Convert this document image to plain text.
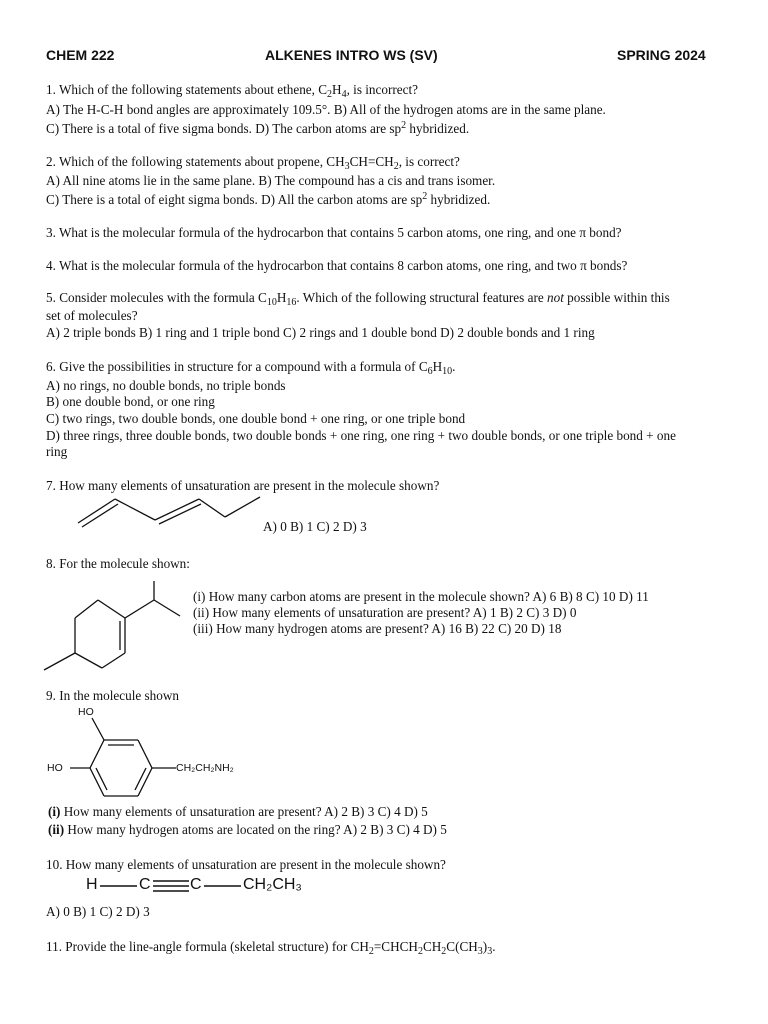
CHEM 222	ALKENES INTRO WS (SV)	SPRING 2024
1. Which of the following statements about ethene, $C_2H_4$, is incorrect?
A) The H-C-H bond angles are approximately 109.5°. B) All of the hydrogen atoms are in the same plane.
C) There is a total of five sigma bonds. D) The carbon atoms are $sp^2$ hybridized.
2. Which of the following statements about propene, $CH_3CH=CH_2$, is correct?
A) All nine atoms lie in the same plane. B) The compound has a cis and trans isomer.
C) There is a total of eight sigma bonds. D) All the carbon atoms are $sp^2$ hybridized.
3. What is the molecular formula of the hydrocarbon that contains 5 carbon atoms, one ring, and one π bond?
4. What is the molecular formula of the hydrocarbon that contains 8 carbon atoms, one ring, and two π bonds?
5. Consider molecules with the formula $C_{10}H_{16}$. Which of the following structural features are not possible within this
set of molecules?
A) 2 triple bonds B) 1 ring and 1 triple bond C) 2 rings and 1 double bond D) 2 double bonds and 1 ring
6. Give the possibilities in structure for a compound with a formula of $C_6H_{10}$.
A) no rings, no double bonds, no triple bonds
B) one double bond, or one ring
C) two rings, two double bonds, one double bond + one ring, or one triple bond
D) three rings, three double bonds, two double bonds + one ring, one ring + two double bonds, or one triple bond + one
ring
7. How many elements of unsaturation are present in the molecule shown?
A) 0 B) 1 C) 2 D) 3
8. For the molecule shown:
(i) How many carbon atoms are present in the molecule shown? A) 6 B) 8 C) 10 D) 11
(ii) How many elements of unsaturation are present? A) 1 B) 2 C) 3 D) 0
(iii) How many hydrogen atoms are present? A) 16 B) 22 C) 20 D) 18
9. In the molecule shown
HO
HO	CH₂CH₂NH₂
(i) How many elements of unsaturation are present? A) 2 B) 3 C) 4 D) 5
(ii) How many hydrogen atoms are located on the ring? A) 2 B) 3 C) 4 D) 5
10. How many elements of unsaturation are present in the molecule shown?
H	C C	CH₂CH₃
A) 0 B) 1 C) 2 D) 3
11. Provide the line-angle formula (skeletal structure) for $CH_2=CHCH_2CH_2C(CH_3)_3$.
